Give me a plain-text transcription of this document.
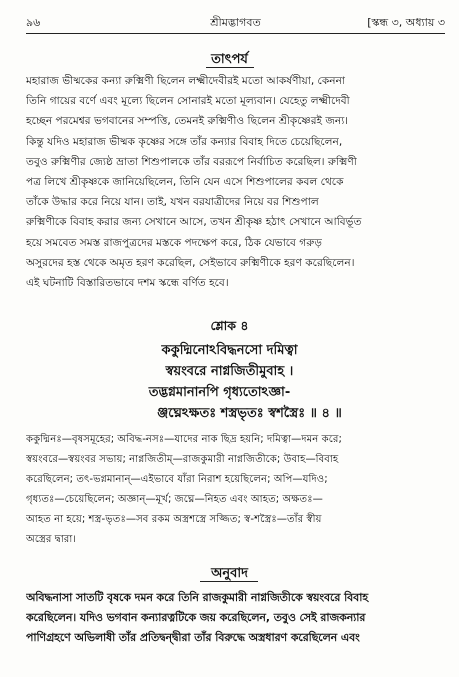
৯৬	শ্রীমদ্ভাগবত	[স্কন্ধ ৩, অধ্যায় ৩
তাৎপর্য
মহারাজ ভীষ্মকের কন্যা রুক্মিণী ছিলেন লক্ষ্মীদেবীরই মতো আকর্ষণীয়া, কেননা
তিনি গায়ের বর্ণে এবং মূল্যে ছিলেন সোনারই মতো মূল্যবান। যেহেতু লক্ষ্মীদেবী
হচ্ছেন পরমেশ্বর ভগবানের সম্পত্তি, তেমনই রুক্মিণীও ছিলেন শ্রীকৃষ্ণেরই জন্য।
কিন্তু যদিও মহারাজ ভীষ্মক কৃষ্ণের সঙ্গে তাঁর কন্যার বিবাহ দিতে চেয়েছিলেন,
তবুও রুক্মিণীর জ্যেষ্ঠ ভ্রাতা শিশুপালকে তাঁর বররূপে নির্বাচিত করেছিল। রুক্মিণী
পত্র লিখে শ্রীকৃষ্ণকে জানিয়েছিলেন, তিনি যেন এসে শিশুপালের কবল থেকে
তাঁকে উদ্ধার করে নিয়ে যান। তাই, যখন বরযাত্রীদের নিয়ে বর শিশুপাল
রুক্মিণীকে বিবাহ করার জন্য সেখানে আসে, তখন শ্রীকৃষ্ণ হঠাৎ সেখানে আবির্ভূত
হয়ে সমবেত সমস্ত রাজপুত্রদের মস্তকে পদক্ষেপ করে, ঠিক যেভাবে গরুড়
অসুরদের হস্ত থেকে অমৃত হরণ করেছিল, সেইভাবে রুক্মিণীকে হরণ করেছিলেন।
এই ঘটনাটি বিস্তারিতভাবে দশম স্কন্ধে বর্ণিত হবে।
শ্লোক ৪
ককুদ্মিনোঽবিদ্ধনসো দমিত্বা
স্বয়ংবরে নাগ্নজিতীমুবাহ ।
তদ্ভগ্নমানানপি গৃধ্যতোঽজ্ঞা-
ঞ্জঘ্নেঽক্ষতঃ শস্ত্রভৃতঃ স্বশস্ত্রৈঃ ॥ ৪ ॥
ককুদ্মিনঃ—বৃষসমূহের; অবিদ্ধ-নসঃ—যাদের নাক ছিদ্র হয়নি; দমিত্বা—দমন করে;
স্বয়ংবরে—স্বয়ংবর সভায়; নাগ্নজিতীম্—রাজকুমারী নাগ্নজিতীকে; উবাহ—বিবাহ
করেছিলেন; তৎ-ভগ্নমানান্—এইভাবে যাঁরা নিরাশ হয়েছিলেন; অপি—যদিও;
গৃধ্যতঃ—চেয়েছিলেন; অজ্ঞান্—মূর্খ; জঘ্নে—নিহত এবং আহত; অক্ষতঃ—
আহত না হয়ে; শস্ত্র-ভৃতঃ—সব রকম অস্ত্রশস্ত্রে সজ্জিত; স্ব-শস্ত্রৈঃ—তাঁর স্বীয়
অস্ত্রের দ্বারা।
অনুবাদ
অবিদ্ধনাসা সাতটি বৃষকে দমন করে তিনি রাজকুমারী নাগ্নজিতীকে স্বয়ংবরে বিবাহ
করেছিলেন। যদিও ভগবান কন্যারত্নটিকে জয় করেছিলেন, তবুও সেই রাজকন্যার
পাণিগ্রহণে অভিলাষী তাঁর প্রতিদ্বন্দ্বীরা তাঁর বিরুদ্ধে অস্ত্রধারণ করেছিলেন এবং
